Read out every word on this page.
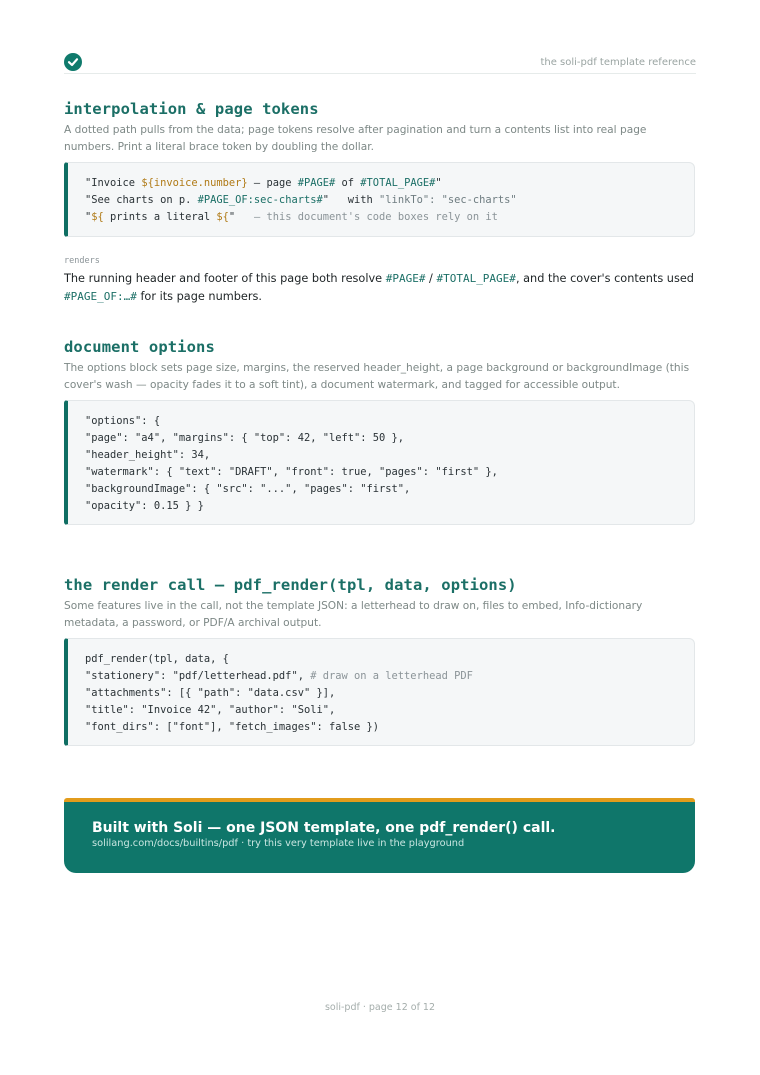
the soli-pdf template reference
interpolation & page tokens

A dotted path pulls from the data; page tokens resolve after pagination and turn a contents list into real page numbers. Print a literal brace token by doubling the dollar.

"Invoice ${invoice.number} — page #PAGE# of #TOTAL_PAGE#"
"See charts on p. #PAGE_OF:sec-charts#"   with "linkTo": "sec-charts"
"${ prints a literal ${"   — this document's code boxes rely on it

renders

The running header and footer of this page both resolve #PAGE# / #TOTAL_PAGE#, and the cover's contents used
#PAGE_OF:…# for its page numbers.

document options

The options block sets page size, margins, the reserved header_height, a page background or backgroundImage (this cover's wash — opacity fades it to a soft tint), a document watermark, and tagged for accessible output.

"options": {
"page": "a4", "margins": { "top": 42, "left": 50 },
"header_height": 34,
"watermark": { "text": "DRAFT", "front": true, "pages": "first" },
"backgroundImage": { "src": "...", "pages": "first",
"opacity": 0.15 } }
the render call — pdf_render(tpl, data, options)

Some features live in the call, not the template JSON: a letterhead to draw on, files to embed, Info-dictionary metadata, a password, or PDF/A archival output.

pdf_render(tpl, data, {
"stationery": "pdf/letterhead.pdf", # draw on a letterhead PDF
"attachments": [{ "path": "data.csv" }],
"title": "Invoice 42", "author": "Soli",
"font_dirs": ["font"], "fetch_images": false })

Built with Soli — one JSON template, one pdf_render() call.

solilang.com/docs/builtins/pdf · try this very template live in the playground

soli-pdf · page 12 of 12
